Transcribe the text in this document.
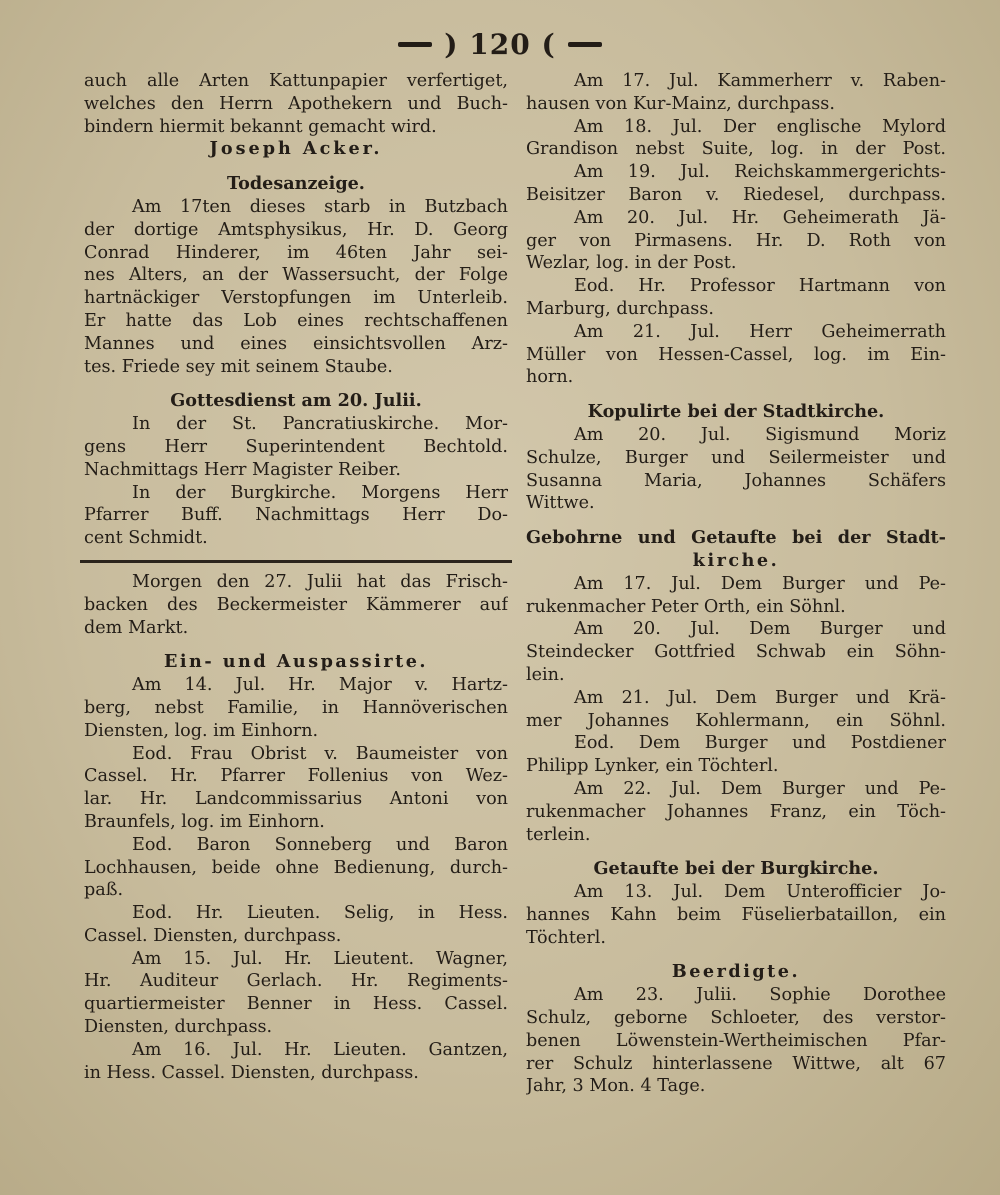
) 120 (
auch alle Arten Kattunpapier verfertiget,
welches den Herrn Apothekern und Buch-
bindern hiermit bekannt gemacht wird.
Joseph Acker.
Todesanzeige.
Am 17ten dieses starb in Butzbach
der dortige Amtsphysikus, Hr. D. Georg
Conrad Hinderer, im 46ten Jahr sei-
nes Alters, an der Wassersucht, der Folge
hartnäckiger Verstopfungen im Unterleib.
Er hatte das Lob eines rechtschaffenen
Mannes und eines einsichtsvollen Arz-
tes. Friede sey mit seinem Staube.
Gottesdienst am 20. Julii.
In der St. Pancratiuskirche. Mor-
gens Herr Superintendent Bechtold.
Nachmittags Herr Magister Reiber.
In der Burgkirche. Morgens Herr
Pfarrer Buff. Nachmittags Herr Do-
cent Schmidt.
Morgen den 27. Julii hat das Frisch-
backen des Beckermeister Kämmerer auf
dem Markt.
Ein- und Auspassirte.
Am 14. Jul. Hr. Major v. Hartz-
berg, nebst Familie, in Hannöverischen
Diensten, log. im Einhorn.
Eod. Frau Obrist v. Baumeister von
Cassel. Hr. Pfarrer Follenius von Wez-
lar. Hr. Landcommissarius Antoni von
Braunfels, log. im Einhorn.
Eod. Baron Sonneberg und Baron
Lochhausen, beide ohne Bedienung, durch-
paß.
Eod. Hr. Lieuten. Selig, in Hess.
Cassel. Diensten, durchpass.
Am 15. Jul. Hr. Lieutent. Wagner,
Hr. Auditeur Gerlach. Hr. Regiments-
quartiermeister Benner in Hess. Cassel.
Diensten, durchpass.
Am 16. Jul. Hr. Lieuten. Gantzen,
in Hess. Cassel. Diensten, durchpass.
Am 17. Jul. Kammerherr v. Raben-
hausen von Kur-Mainz, durchpass.
Am 18. Jul. Der englische Mylord
Grandison nebst Suite, log. in der Post.
Am 19. Jul. Reichskammergerichts-
Beisitzer Baron v. Riedesel, durchpass.
Am 20. Jul. Hr. Geheimerath Jä-
ger von Pirmasens. Hr. D. Roth von
Wezlar, log. in der Post.
Eod. Hr. Professor Hartmann von
Marburg, durchpass.
Am 21. Jul. Herr Geheimerrath
Müller von Hessen-Cassel, log. im Ein-
horn.
Kopulirte bei der Stadtkirche.
Am 20. Jul. Sigismund Moriz
Schulze, Burger und Seilermeister und
Susanna Maria, Johannes Schäfers
Wittwe.
Gebohrne und Getaufte bei der Stadt-
kirche.
Am 17. Jul. Dem Burger und Pe-
rukenmacher Peter Orth, ein Söhnl.
Am 20. Jul. Dem Burger und
Steindecker Gottfried Schwab ein Söhn-
lein.
Am 21. Jul. Dem Burger und Krä-
mer Johannes Kohlermann, ein Söhnl.
Eod. Dem Burger und Postdiener
Philipp Lynker, ein Töchterl.
Am 22. Jul. Dem Burger und Pe-
rukenmacher Johannes Franz, ein Töch-
terlein.
Getaufte bei der Burgkirche.
Am 13. Jul. Dem Unterofficier Jo-
hannes Kahn beim Füselierbataillon, ein
Töchterl.
Beerdigte.
Am 23. Julii. Sophie Dorothee
Schulz, geborne Schloeter, des verstor-
benen Löwenstein-Wertheimischen Pfar-
rer Schulz hinterlassene Wittwe, alt 67
Jahr, 3 Mon. 4 Tage.
